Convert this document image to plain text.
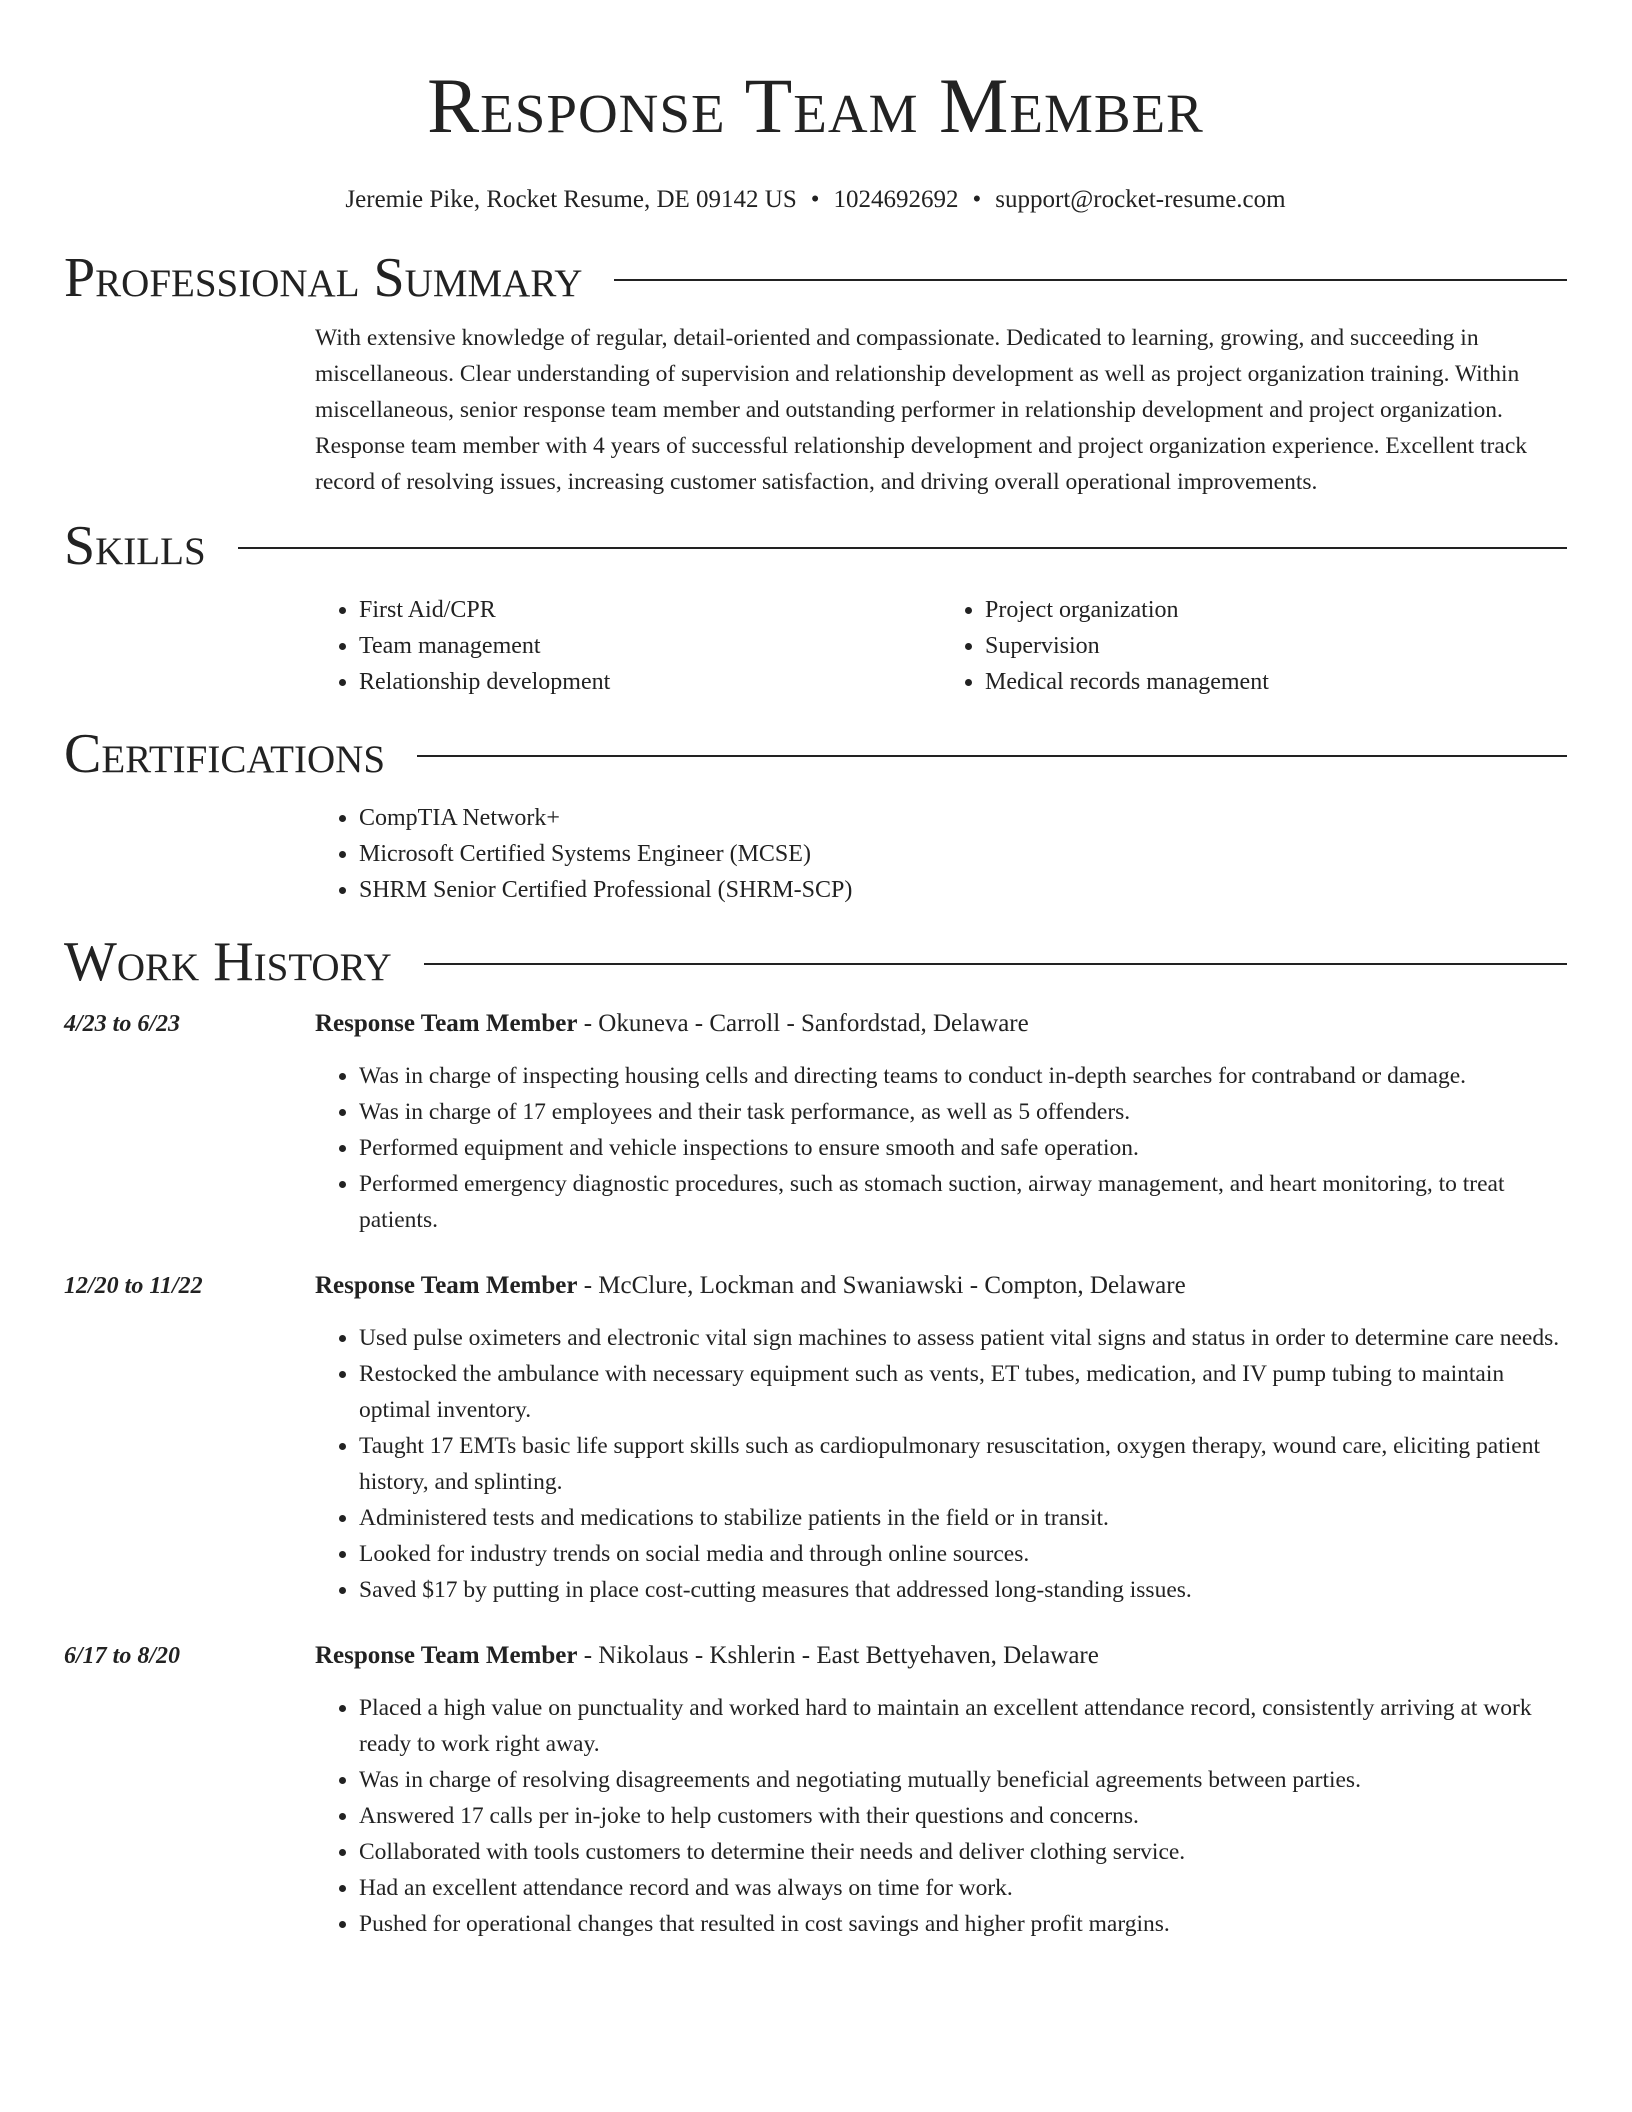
Response Team Member
Jeremie Pike, Rocket Resume, DE 09142 US • 1024692692 • support@rocket-resume.com
Professional Summary

With extensive knowledge of regular, detail-oriented and compassionate. Dedicated to learning, growing, and succeeding in miscellaneous. Clear understanding of supervision and relationship development as well as project organization training. Within miscellaneous, senior response team member and outstanding performer in relationship development and project organization. Response team member with 4 years of successful relationship development and project organization experience. Excellent track record of resolving issues, increasing customer satisfaction, and driving overall operational improvements.

Skills
• First Aid/CPR
• Team management
• Relationship development
• Project organization
• Supervision
• Medical records management
Certifications
• CompTIA Network+
• Microsoft Certified Systems Engineer (MCSE)
• SHRM Senior Certified Professional (SHRM-SCP)
Work History
4/23 to 6/23	Response Team Member - Okuneva - Carroll - Sanfordstad, Delaware
• Was in charge of inspecting housing cells and directing teams to conduct in-depth searches for contraband or damage.
• Was in charge of 17 employees and their task performance, as well as 5 offenders.
• Performed equipment and vehicle inspections to ensure smooth and safe operation.
• Performed emergency diagnostic procedures, such as stomach suction, airway management, and heart monitoring, to treat patients.
12/20 to 11/22	Response Team Member - McClure, Lockman and Swaniawski - Compton, Delaware
• Used pulse oximeters and electronic vital sign machines to assess patient vital signs and status in order to determine care needs.
• Restocked the ambulance with necessary equipment such as vents, ET tubes, medication, and IV pump tubing to maintain optimal inventory.
• Taught 17 EMTs basic life support skills such as cardiopulmonary resuscitation, oxygen therapy, wound care, eliciting patient history, and splinting.
• Administered tests and medications to stabilize patients in the field or in transit.
• Looked for industry trends on social media and through online sources.
• Saved $17 by putting in place cost-cutting measures that addressed long-standing issues.
6/17 to 8/20	Response Team Member - Nikolaus - Kshlerin - East Bettyehaven, Delaware
• Placed a high value on punctuality and worked hard to maintain an excellent attendance record, consistently arriving at work ready to work right away.
• Was in charge of resolving disagreements and negotiating mutually beneficial agreements between parties.
• Answered 17 calls per in-joke to help customers with their questions and concerns.
• Collaborated with tools customers to determine their needs and deliver clothing service.
• Had an excellent attendance record and was always on time for work.
• Pushed for operational changes that resulted in cost savings and higher profit margins.
